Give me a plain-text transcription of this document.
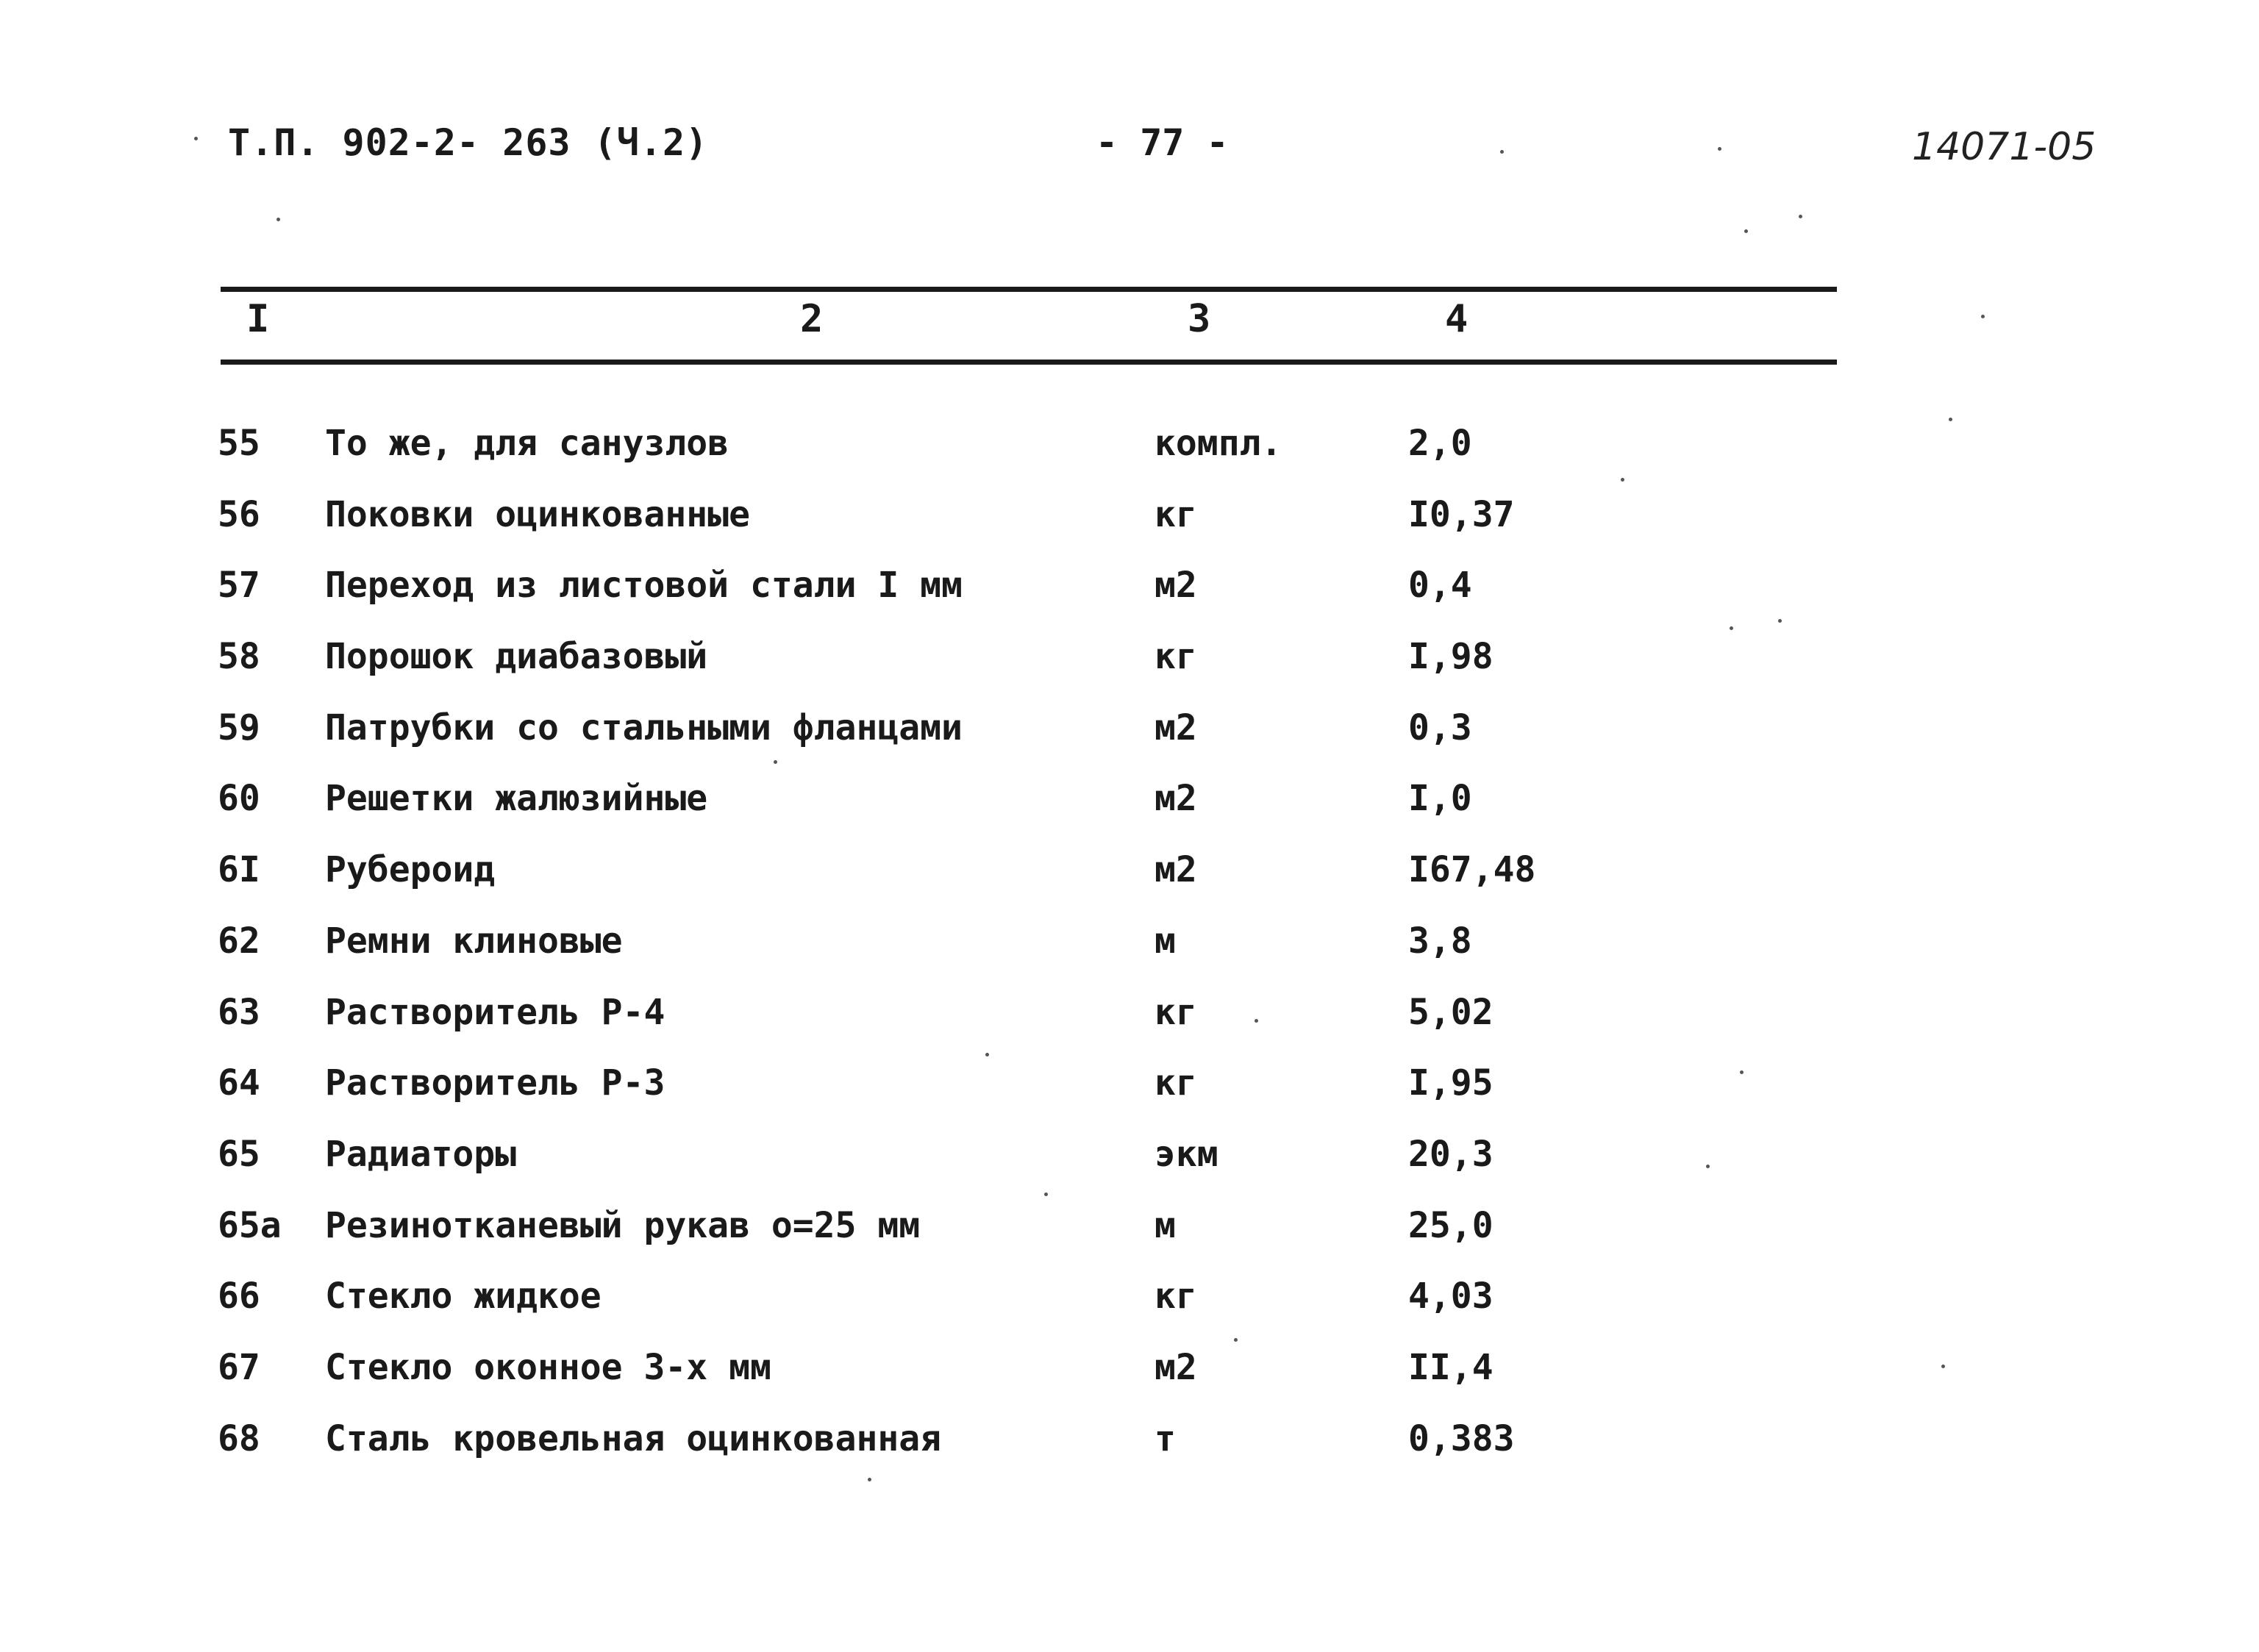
Т.П. 902-2- 263 (Ч.2)	- 77 -	14071-05
I	2	3	4
55 То же, для санузлов	компл.	2,0
56 Поковки оцинкованные	кг	I0,37
57 Переход из листовой стали I мм	м2	0,4
58 Порошок диабазовый	кг	I,98
59 Патрубки со стальными фланцами	м2	0,3
60 Решетки жалюзийные	м2	I,0
6I Рубероид	м2	I67,48
62 Ремни клиновые	м	3,8
63 Растворитель Р-4	кг	5,02
64 Растворитель Р-3	кг	I,95
65 Радиаторы	экм	20,3
65а Резинотканевый рукав о=25 мм	м	25,0
66 Стекло жидкое	кг	4,03
67 Стекло оконное 3-х мм	м2	II,4
68 Сталь кровельная оцинкованная	т	0,383
